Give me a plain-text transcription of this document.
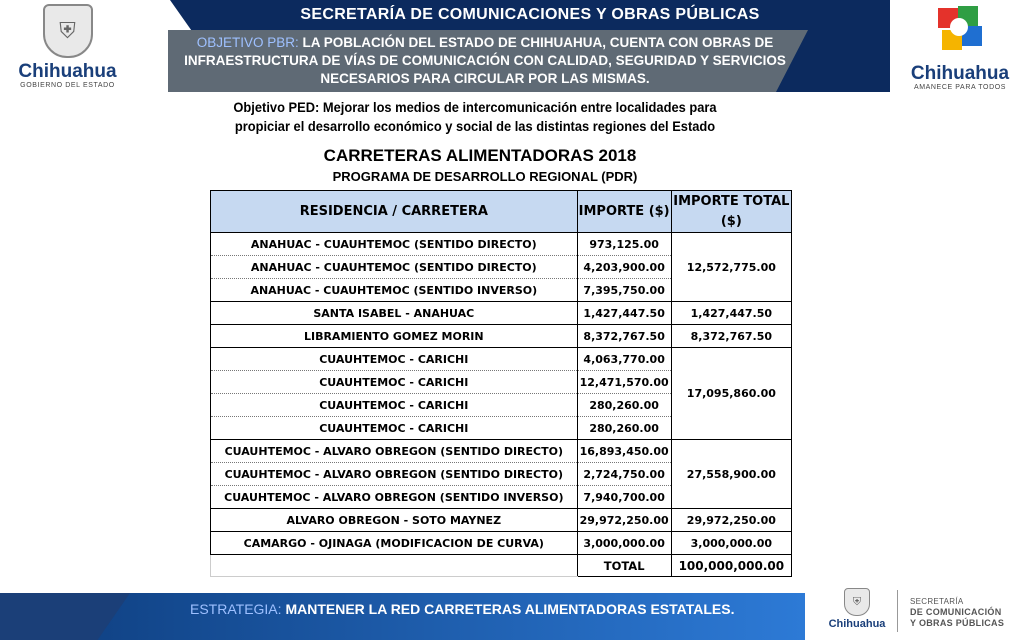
SECRETARÍA DE COMUNICACIONES Y OBRAS PÚBLICAS
OBJETIVO PBR: LA POBLACIÓN DEL ESTADO DE CHIHUAHUA, CUENTA CON OBRAS DE INFRAESTRUCTURA DE VÍAS DE COMUNICACIÓN CON CALIDAD, SEGURIDAD Y SERVICIOS NECESARIOS PARA CIRCULAR POR LAS MISMAS.
⛨
Chihuahua
GOBIERNO DEL ESTADO
Chihuahua
AMANECE PARA TODOS
Objetivo PED: Mejorar los medios de intercomunicación entre localidades para propiciar el desarrollo económico y social de las distintas regiones del Estado
CARRETERAS ALIMENTADORAS 2018
PROGRAMA DE DESARROLLO REGIONAL (PDR)
RESIDENCIA / CARRETERA	IMPORTE ($)	IMPORTE TOTAL ($)
ANAHUAC - CUAUHTEMOC (SENTIDO DIRECTO)	973,125.00	12,572,775.00
ANAHUAC - CUAUHTEMOC (SENTIDO DIRECTO)	4,203,900.00	
ANAHUAC - CUAUHTEMOC (SENTIDO INVERSO)	7,395,750.00	
SANTA ISABEL - ANAHUAC	1,427,447.50	1,427,447.50
LIBRAMIENTO GOMEZ MORIN	8,372,767.50	8,372,767.50
CUAUHTEMOC - CARICHI	4,063,770.00	17,095,860.00
CUAUHTEMOC - CARICHI	12,471,570.00	
CUAUHTEMOC - CARICHI	280,260.00	
CUAUHTEMOC - CARICHI	280,260.00	
CUAUHTEMOC - ALVARO OBREGON (SENTIDO DIRECTO)	16,893,450.00	27,558,900.00
CUAUHTEMOC - ALVARO OBREGON (SENTIDO DIRECTO)	2,724,750.00	
CUAUHTEMOC - ALVARO OBREGON (SENTIDO INVERSO)	7,940,700.00	
ALVARO OBREGON - SOTO MAYNEZ	29,972,250.00	29,972,250.00
CAMARGO - OJINAGA (MODIFICACION DE CURVA)	3,000,000.00	3,000,000.00
	TOTAL	100,000,000.00
ESTRATEGIA: MANTENER LA RED CARRETERAS ALIMENTADORAS ESTATALES.	⛨
Chihuahua
SECRETARÍA
DE COMUNICACIÓN
Y OBRAS PÚBLICAS
